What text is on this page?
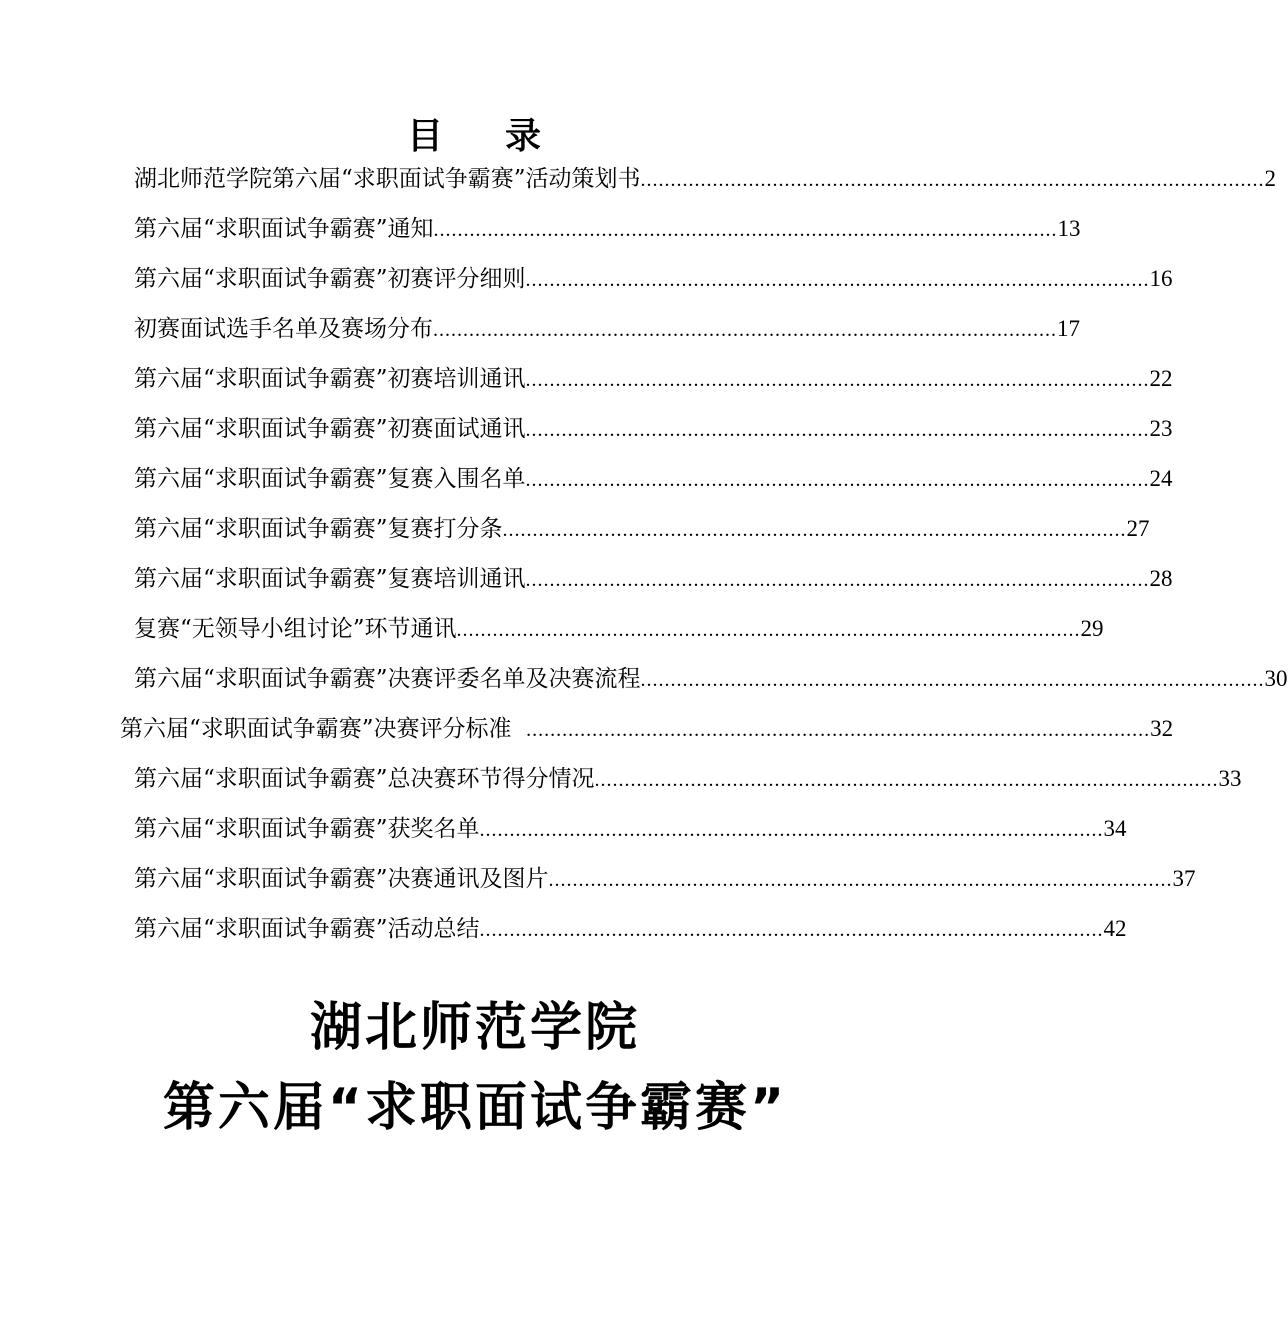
目 录
湖北师范学院第六届“求职面试争霸赛”活动策划书 ........................................................................................................ 2
第六届“求职面试争霸赛”通知 ........................................................................................................ 13
第六届“求职面试争霸赛”初赛评分细则 ........................................................................................................ 16
初赛面试选手名单及赛场分布 ........................................................................................................ 17
第六届“求职面试争霸赛”初赛培训通讯 ........................................................................................................ 22
第六届“求职面试争霸赛”初赛面试通讯 ........................................................................................................ 23
第六届“求职面试争霸赛”复赛入围名单 ........................................................................................................ 24
第六届“求职面试争霸赛”复赛打分条 ........................................................................................................ 27
第六届“求职面试争霸赛”复赛培训通讯 ........................................................................................................ 28
复赛“无领导小组讨论”环节通讯 ........................................................................................................ 29
第六届“求职面试争霸赛”决赛评委名单及决赛流程 ........................................................................................................ 30
第六届“求职面试争霸赛”决赛评分标准 ........................................................................................................ 32
第六届“求职面试争霸赛”总决赛环节得分情况 ........................................................................................................ 33
第六届“求职面试争霸赛”获奖名单 ........................................................................................................ 34
第六届“求职面试争霸赛”决赛通讯及图片 ........................................................................................................ 37
第六届“求职面试争霸赛”活动总结 ........................................................................................................ 42
湖北师范学院
第六届“求职面试争霸赛”
